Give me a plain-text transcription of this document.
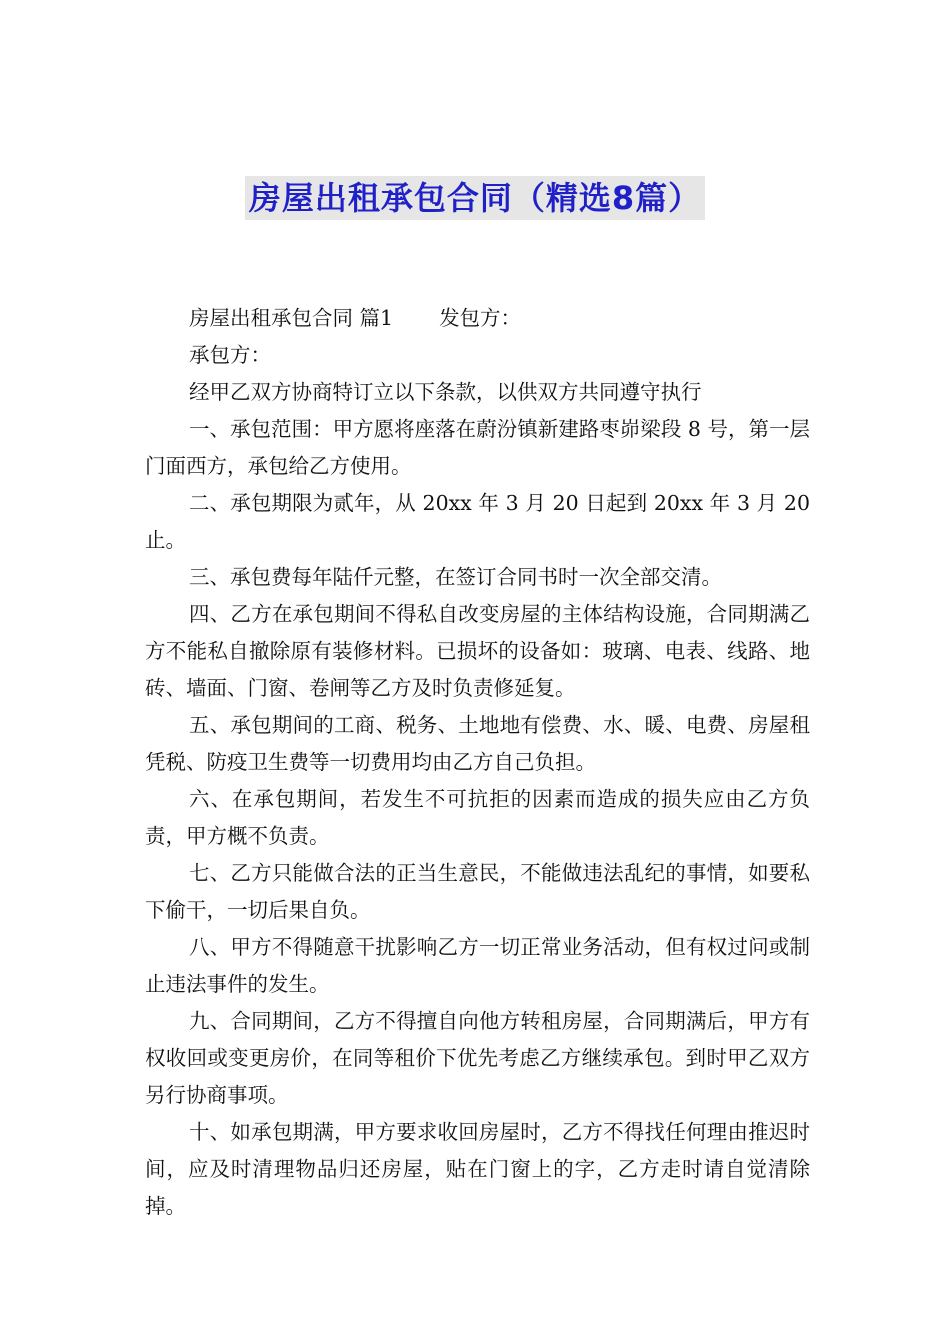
房屋出租承包合同（精选8篇）

房屋出租承包合同 篇1 发包方：

承包方：

经甲乙双方协商特订立以下条款，以供双方共同遵守执行

一、承包范围：甲方愿将座落在蔚汾镇新建路枣峁梁段 8 号，第一层门面西方，承包给乙方使用。

二、承包期限为贰年，从 20xx 年 3 月 20 日起到 20xx 年 3 月 20 止。

三、承包费每年陆仟元整，在签订合同书时一次全部交清。

四、乙方在承包期间不得私自改变房屋的主体结构设施，合同期满乙方不能私自撤除原有装修材料。已损坏的设备如：玻璃、电表、线路、地砖、墙面、门窗、卷闸等乙方及时负责修延复。

五、承包期间的工商、税务、土地地有偿费、水、暖、电费、房屋租凭税、防疫卫生费等一切费用均由乙方自己负担。

六、在承包期间，若发生不可抗拒的因素而造成的损失应由乙方负责，甲方概不负责。

七、乙方只能做合法的正当生意民，不能做违法乱纪的事情，如要私下偷干，一切后果自负。

八、甲方不得随意干扰影响乙方一切正常业务活动，但有权过问或制止违法事件的发生。

九、合同期间，乙方不得擅自向他方转租房屋，合同期满后，甲方有权收回或变更房价，在同等租价下优先考虑乙方继续承包。到时甲乙双方另行协商事项。

十、如承包期满，甲方要求收回房屋时，乙方不得找任何理由推迟时间，应及时清理物品归还房屋，贴在门窗上的字，乙方走时请自觉清除掉。
